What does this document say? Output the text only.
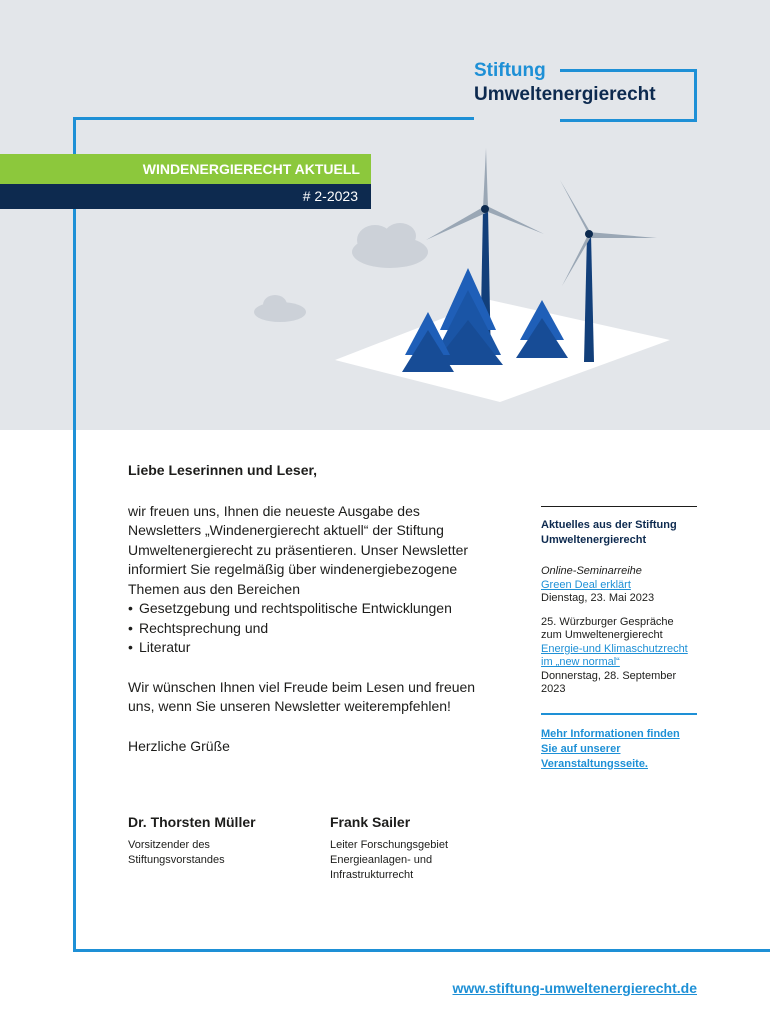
Stiftung
Umweltenergierecht
WINDENERGIERECHT AKTUELL
# 2-2023
Liebe Leserinnen und Leser,

wir freuen uns, Ihnen die neueste Ausgabe des Newsletters „Windenergierecht aktuell“ der Stiftung Umweltenergierecht zu präsentieren. Unser Newsletter informiert Sie regelmäßig über windenergiebezogene Themen aus den Bereichen

• Gesetzgebung und rechtspolitische Entwicklungen
• Rechtsprechung und
• Literatur

Wir wünschen Ihnen viel Freude beim Lesen und freuen uns, wenn Sie unseren Newsletter weiterempfehlen!

Herzliche Grüße
Dr. Thorsten Müller
Vorsitzender des Stiftungsvorstandes
Frank Sailer
Leiter Forschungsgebiet Energieanlagen- und Infrastrukturrecht
Aktuelles aus der Stiftung Umweltenergierecht
Online-Seminarreihe
Green Deal erklärt
Dienstag, 23. Mai 2023
25. Würzburger Gespräche zum Umweltenergierecht
Energie-und Klimaschutzrecht im „new normal“
Donnerstag, 28. September 2023
Mehr Informationen finden Sie auf unserer Veranstaltungsseite.
www.stiftung-umweltenergierecht.de
